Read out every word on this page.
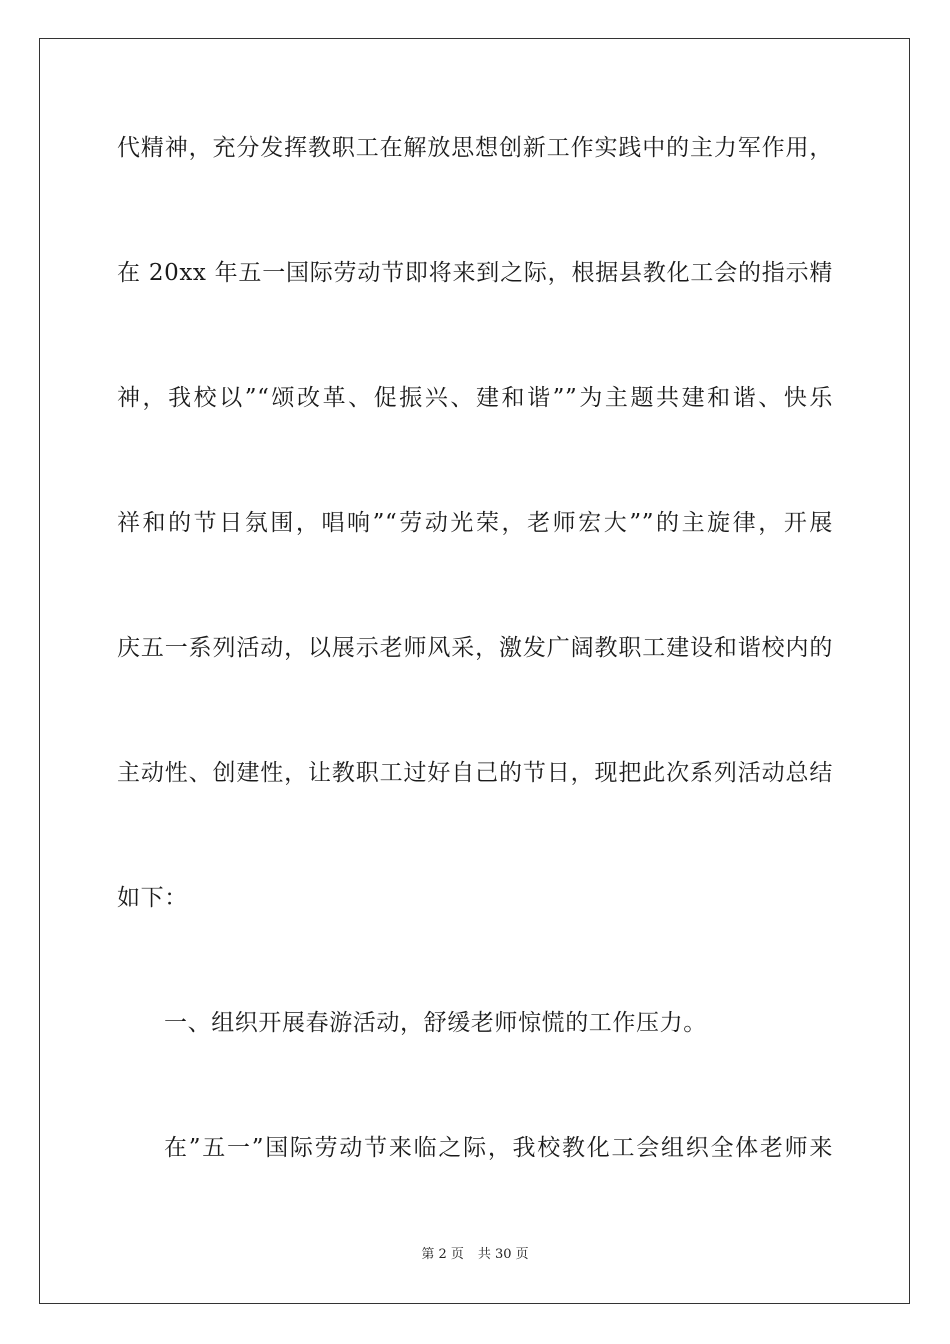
代精神，充分发挥教职工在解放思想创新工作实践中的主力军作用，
在 20xx 年五一国际劳动节即将来到之际，根据县教化工会的指示精
神，我校以”“颂改革、促振兴、建和谐””为主题共建和谐、快乐
祥和的节日氛围，唱响”“劳动光荣，老师宏大””的主旋律，开展
庆五一系列活动，以展示老师风采，激发广阔教职工建设和谐校内的
主动性、创建性，让教职工过好自己的节日，现把此次系列活动总结
如下：
一、组织开展春游活动，舒缓老师惊慌的工作压力。
在”五一”国际劳动节来临之际，我校教化工会组织全体老师来
第 2 页 共 30 页
